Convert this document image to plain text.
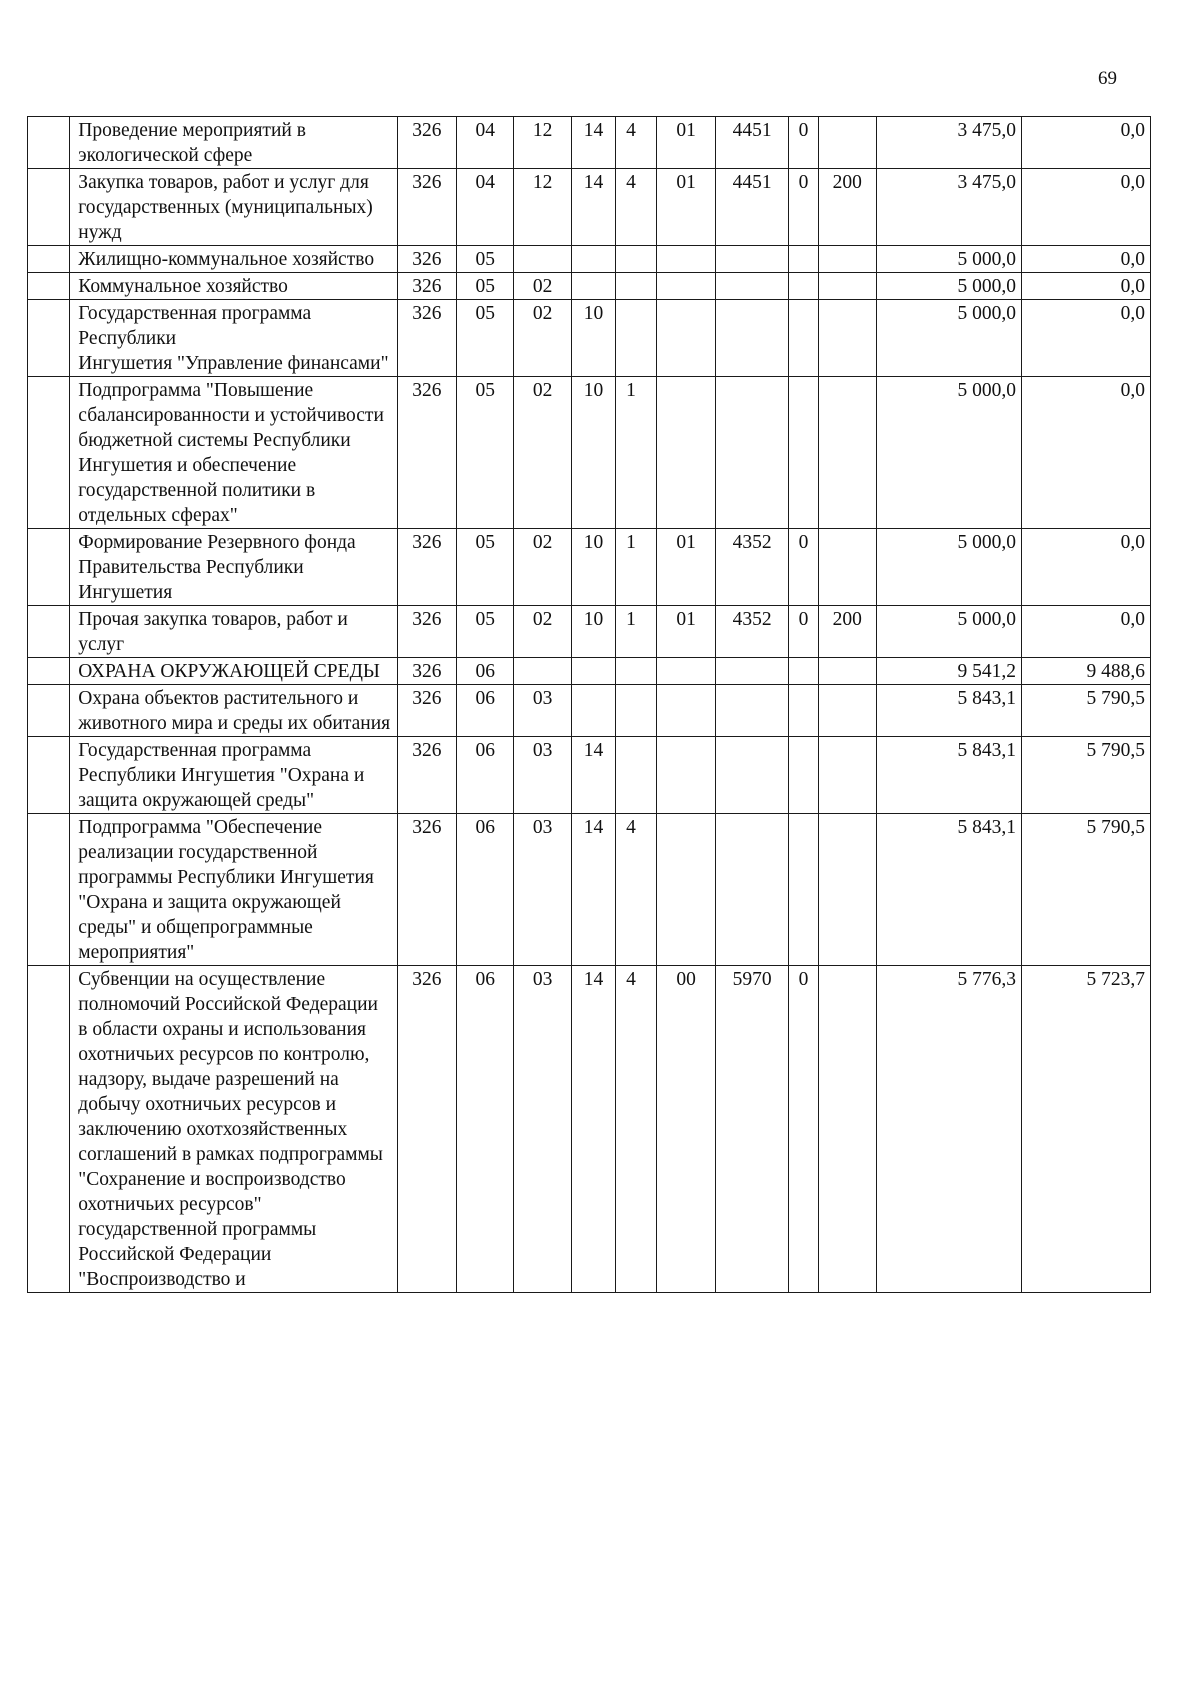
69
	Проведение мероприятий в экологической сфере	326	04	12	14	4	01	4451	0		3 475,0	0,0
	Закупка товаров, работ и услуг для государственных (муниципальных) нужд	326	04	12	14	4	01	4451	0	200	3 475,0	0,0
	Жилищно-коммунальное хозяйство	326	05								5 000,0	0,0
	Коммунальное хозяйство	326	05	02							5 000,0	0,0
	Государственная программа Республики
Ингушетия "Управление финансами"	326	05	02	10						5 000,0	0,0
	Подпрограмма "Повышение сбалансированности и устойчивости
бюджетной системы Республики Ингушетия и обеспечение государственной политики в
отдельных сферах"	326	05	02	10	1					5 000,0	0,0
	Формирование Резервного фонда
Правительства Республики Ингушетия	326	05	02	10	1	01	4352	0		5 000,0	0,0
	Прочая закупка товаров, работ и услуг	326	05	02	10	1	01	4352	0	200	5 000,0	0,0
	ОХРАНА ОКРУЖАЮЩЕЙ СРЕДЫ	326	06								9 541,2	9 488,6
	Охрана объектов растительного и животного мира и среды их обитания	326	06	03							5 843,1	5 790,5
	Государственная программа Республики Ингушетия "Охрана и защита окружающей среды"	326	06	03	14						5 843,1	5 790,5
	Подпрограмма "Обеспечение реализации государственной программы Республики Ингушетия "Охрана и защита окружающей среды" и общепрограммные мероприятия"	326	06	03	14	4					5 843,1	5 790,5
	Субвенции на осуществление полномочий Российской Федерации в области охраны и использования охотничьих ресурсов по контролю, надзору, выдаче разрешений на добычу охотничьих ресурсов и заключению охотхозяйственных соглашений в рамках подпрограммы "Сохранение и воспроизводство охотничьих ресурсов" государственной программы Российской Федерации "Воспроизводство и	326	06	03	14	4	00	5970	0		5 776,3	5 723,7
